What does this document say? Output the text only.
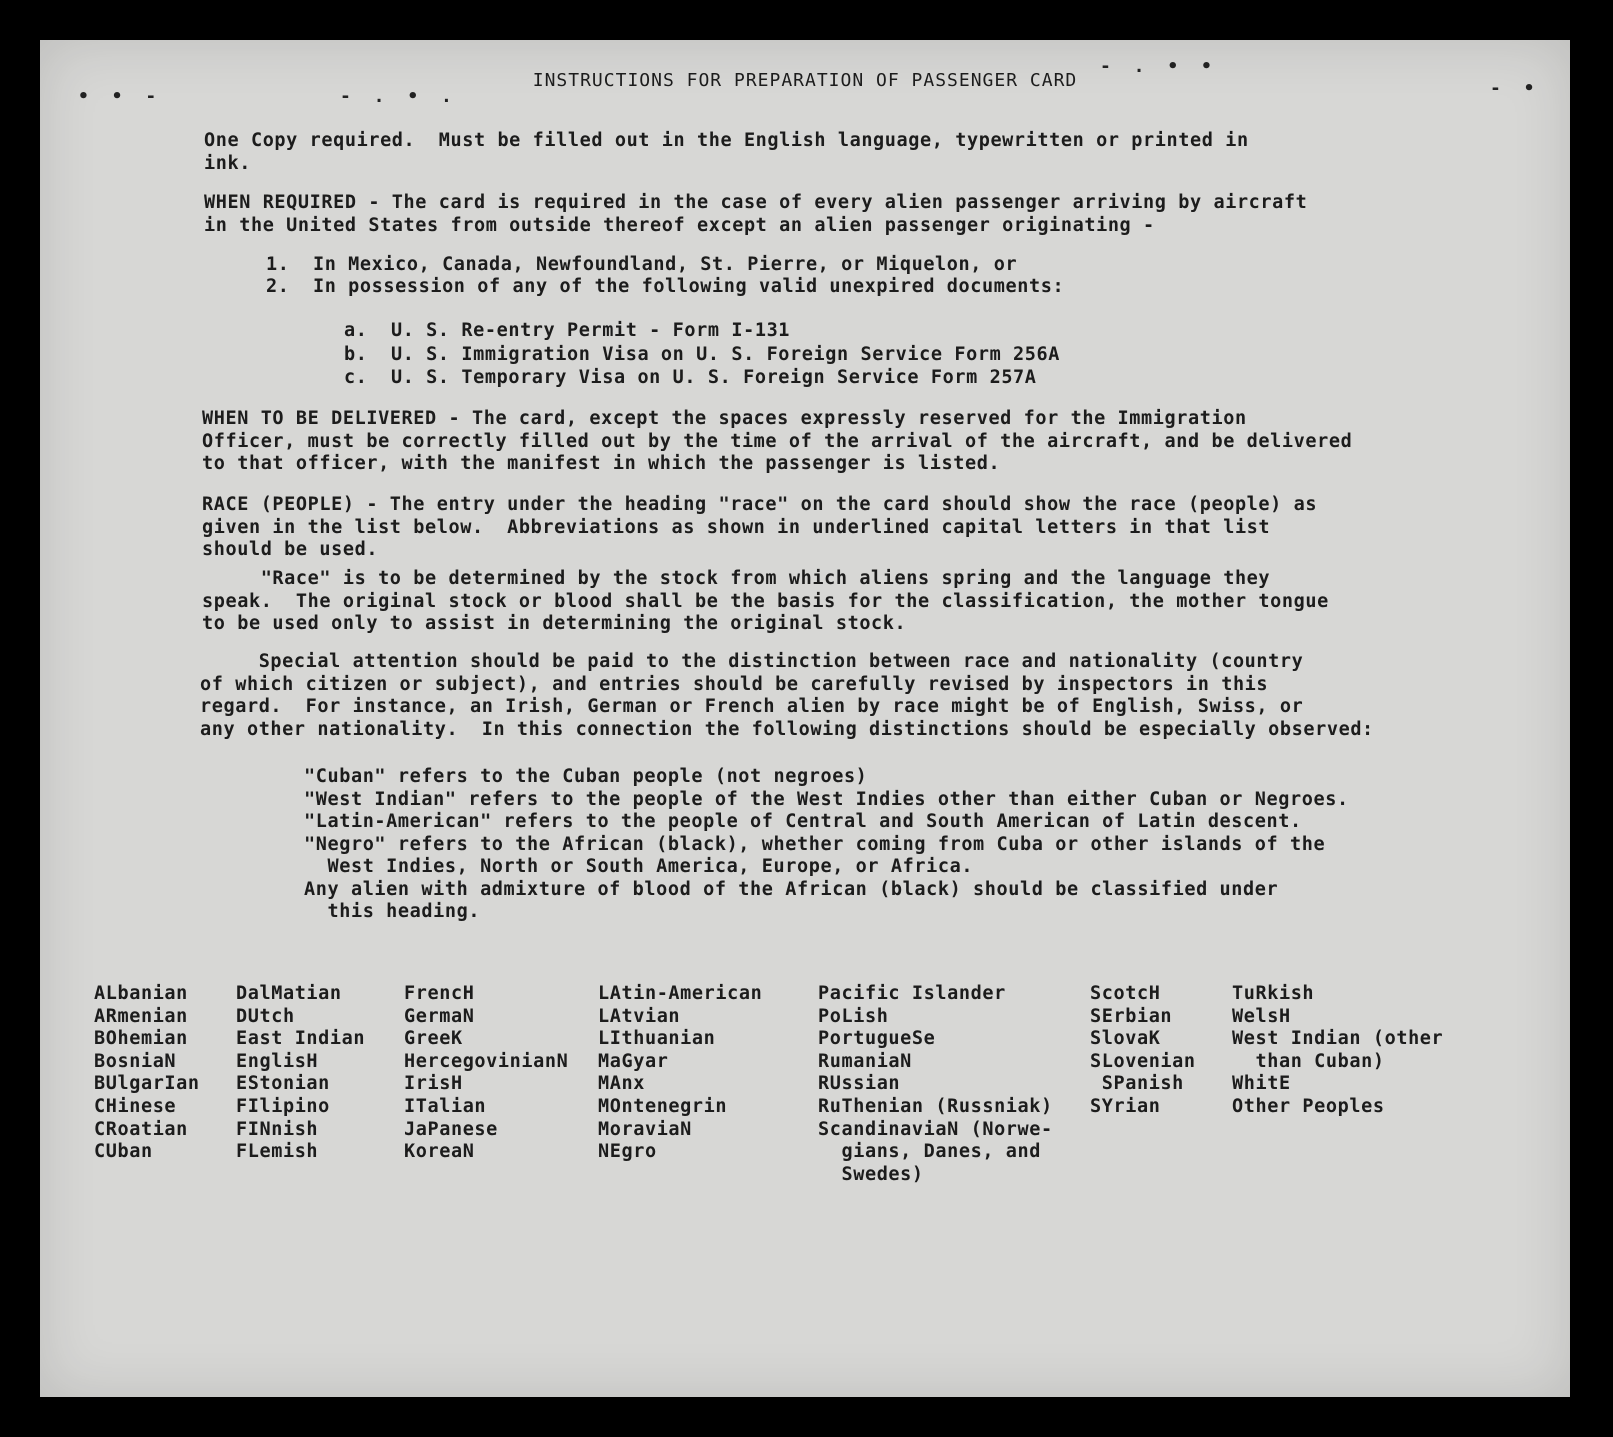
• • -	- . • .
- . • •
- •
INSTRUCTIONS FOR PREPARATION OF PASSENGER CARD
One Copy required.  Must be filled out in the English language, typewritten or printed in
ink.
WHEN REQUIRED - The card is required in the case of every alien passenger arriving by aircraft
in the United States from outside thereof except an alien passenger originating -
1.  In Mexico, Canada, Newfoundland, St. Pierre, or Miquelon, or
2.  In possession of any of the following valid unexpired documents:
a.  U. S. Re-entry Permit - Form I-131
b.  U. S. Immigration Visa on U. S. Foreign Service Form 256A
c.  U. S. Temporary Visa on U. S. Foreign Service Form 257A
WHEN TO BE DELIVERED - The card, except the spaces expressly reserved for the Immigration
Officer, must be correctly filled out by the time of the arrival of the aircraft, and be delivered
to that officer, with the manifest in which the passenger is listed.
RACE (PEOPLE) - The entry under the heading "race" on the card should show the race (people) as
given in the list below.  Abbreviations as shown in underlined capital letters in that list
should be used.
"Race" is to be determined by the stock from which aliens spring and the language they
speak.  The original stock or blood shall be the basis for the classification, the mother tongue
to be used only to assist in determining the original stock.
Special attention should be paid to the distinction between race and nationality (country
of which citizen or subject), and entries should be carefully revised by inspectors in this
regard.  For instance, an Irish, German or French alien by race might be of English, Swiss, or
any other nationality.  In this connection the following distinctions should be especially observed:
"Cuban" refers to the Cuban people (not negroes)
"West Indian" refers to the people of the West Indies other than either Cuban or Negroes.
"Latin-American" refers to the people of Central and South American of Latin descent.
"Negro" refers to the African (black), whether coming from Cuba or other islands of the
West Indies, North or South America, Europe, or Africa.
Any alien with admixture of blood of the African (black) should be classified under
this heading.
ALbanian
ARmenian
BOhemian
BosniaN
BUlgarIan
CHinese
CRoatian
CUban
DalMatian
DUtch
East Indian
EnglisH
EStonian
FIlipino
FINnish
FLemish
FrencH
GermaN
GreeK
HercegovinianN
IrisH
ITalian
JaPanese
KoreaN
LAtin-American
LAtvian
LIthuanian
MaGyar
MAnx
MOntenegrin
MoraviaN
NEgro
Pacific Islander
PoLish
PortugueSe
RumaniaN
RUssian
RuThenian (Russniak)
ScandinaviaN (Norwe-
gians, Danes, and
Swedes)
ScotcH
SErbian
SlovaK
SLovenian
SPanish
SYrian
TuRkish
WelsH
West Indian (other
than Cuban)
WhitE
Other Peoples
